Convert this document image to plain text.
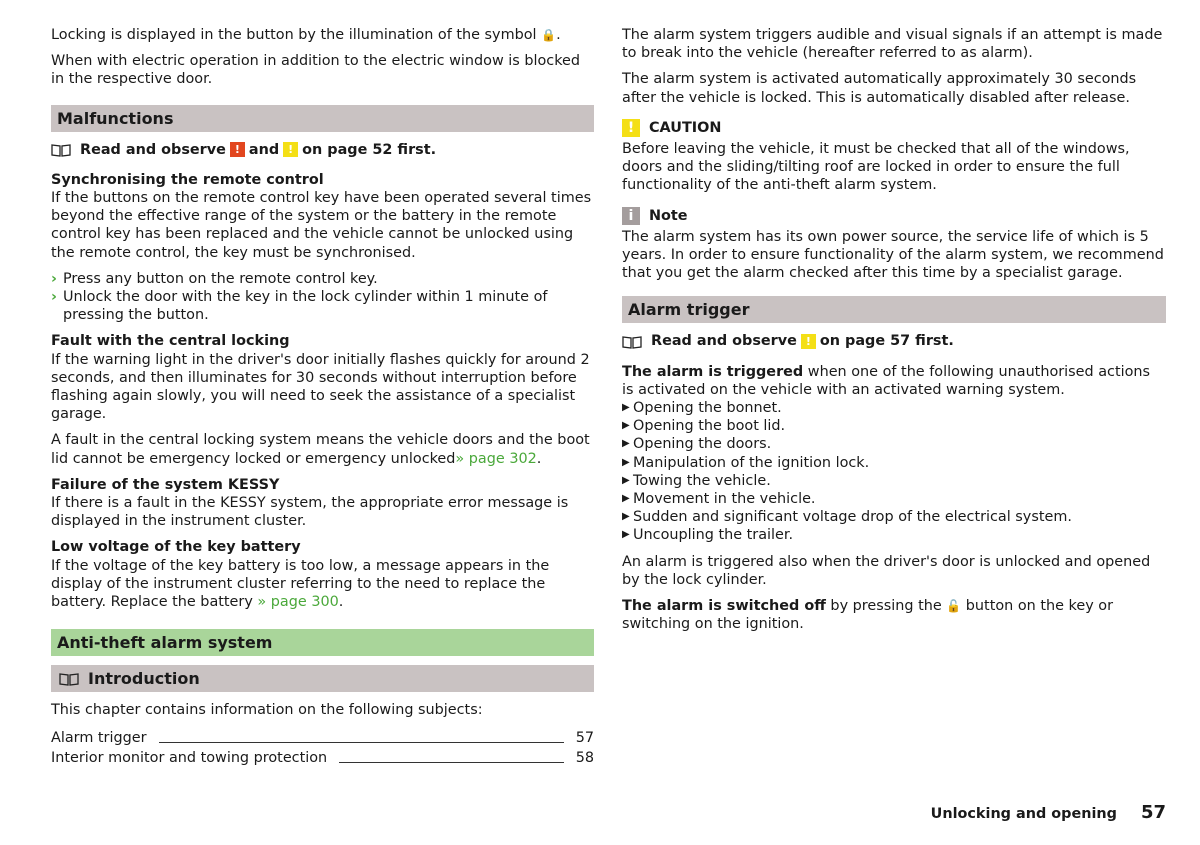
Locking is displayed in the button by the illumination of the symbol 🔒.

When with electric operation in addition to the electric window is blocked in the respective door.

Malfunctions
Read and observe ! and ! on page 52 first.
Synchronising the remote control

If the buttons on the remote control key have been operated several times beyond the effective range of the system or the battery in the remote control key has been replaced and the vehicle cannot be unlocked using the remote control, the key must be synchronised.

› Press any button on the remote control key.
› Unlock the door with the key in the lock cylinder within 1 minute of pressing the button.
Fault with the central locking

If the warning light in the driver's door initially flashes quickly for around 2 seconds, and then illuminates for 30 seconds without interruption before flashing again slowly, you will need to seek the assistance of a specialist garage.

A fault in the central locking system means the vehicle doors and the boot lid cannot be emergency locked or emergency unlocked» page 302.

Failure of the system KESSY

If there is a fault in the KESSY system, the appropriate error message is displayed in the instrument cluster.

Low voltage of the key battery

If the voltage of the key battery is too low, a message appears in the display of the instrument cluster referring to the need to replace the battery. Replace the battery » page 300.

Anti-theft alarm system
Introduction

This chapter contains information on the following subjects:

Alarm trigger	57
Interior monitor and towing protection	58

The alarm system triggers audible and visual signals if an attempt is made to break into the vehicle (hereafter referred to as alarm).

The alarm system is activated automatically approximately 30 seconds after the vehicle is locked. This is automatically disabled after release.

!	CAUTION

Before leaving the vehicle, it must be checked that all of the windows, doors and the sliding/tilting roof are locked in order to ensure the full functionality of the anti-theft alarm system.

i	Note

The alarm system has its own power source, the service life of which is 5 years. In order to ensure functionality of the alarm system, we recommend that you get the alarm checked after this time by a specialist garage.

Alarm trigger
Read and observe ! on page 57 first.
The alarm is triggered when one of the following unauthorised actions is activated on the vehicle with an activated warning system.
▶ Opening the bonnet.
▶ Opening the boot lid.
▶ Opening the doors.
▶ Manipulation of the ignition lock.
▶ Towing the vehicle.
▶ Movement in the vehicle.
▶ Sudden and significant voltage drop of the electrical system.
▶ Uncoupling the trailer.

An alarm is triggered also when the driver's door is unlocked and opened by the lock cylinder.

The alarm is switched off by pressing the 🔓 button on the key or switching on the ignition.

Unlocking and opening 57
